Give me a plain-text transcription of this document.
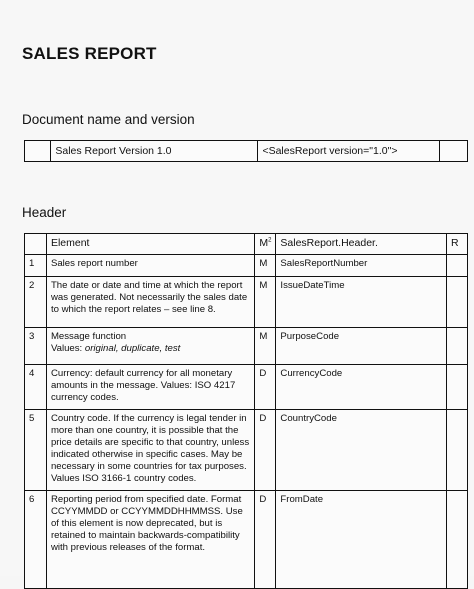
SALES REPORT
Document name and version
	Sales Report Version 1.0	<SalesReport version="1.0">	
Header
	Element	$M^2$	SalesReport.Header.	R
1	Sales report number	M	SalesReportNumber	
2	The date or date and time at which the report was generated. Not necessarily the sales date to which the report relates – see line 8.	M	IssueDateTime	
3	Message function
Values: original, duplicate, test	M	PurposeCode	
4	Currency: default currency for all monetary amounts in the message. Values: ISO 4217 currency codes.	D	CurrencyCode	
5	Country code. If the currency is legal tender in more than one country, it is possible that the price details are specific to that country, unless indicated otherwise in specific cases. May be necessary in some countries for tax purposes. Values ISO 3166-1 country codes.	D	CountryCode	
6	Reporting period from specified date. Format CCYYMMDD or CCYYMMDDHHMMSS. Use of this element is now deprecated, but is retained to maintain backwards-compatibility with previous releases of the format.	D	FromDate	
